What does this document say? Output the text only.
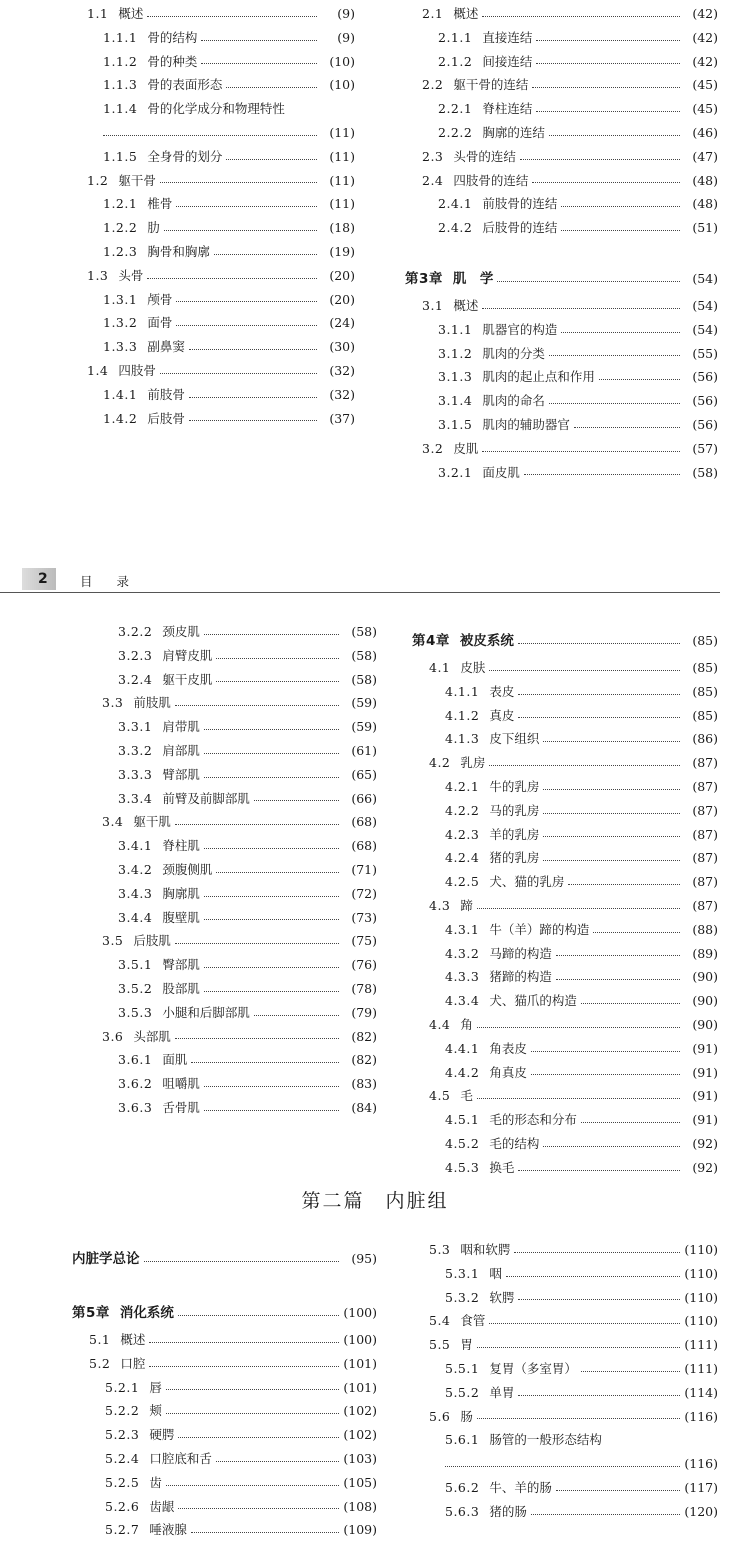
1.1 概述	(9)
1.1.1 骨的结构	(9)
1.1.2 骨的种类	(10)
1.1.3 骨的表面形态	(10)
1.1.4 骨的化学成分和物理特性
(11)
1.1.5 全身骨的划分	(11)
1.2 躯干骨	(11)
1.2.1 椎骨	(11)
1.2.2 肋	(18)
1.2.3 胸骨和胸廓	(19)
1.3 头骨	(20)
1.3.1 颅骨	(20)
1.3.2 面骨	(24)
1.3.3 副鼻窦	(30)
1.4 四肢骨	(32)
1.4.1 前肢骨	(32)
1.4.2 后肢骨	(37)
2.1 概述	(42)
2.1.1 直接连结	(42)
2.1.2 间接连结	(42)
2.2 躯干骨的连结	(45)
2.2.1 脊柱连结	(45)
2.2.2 胸廓的连结	(46)
2.3 头骨的连结	(47)
2.4 四肢骨的连结	(48)
2.4.1 前肢骨的连结	(48)
2.4.2 后肢骨的连结	(51)
第3章 肌　学	(54)
3.1 概述	(54)
3.1.1 肌器官的构造	(54)
3.1.2 肌肉的分类	(55)
3.1.3 肌肉的起止点和作用	(56)
3.1.4 肌肉的命名	(56)
3.1.5 肌肉的辅助器官	(56)
3.2 皮肌	(57)
3.2.1 面皮肌	(58)
2	目 录
3.2.2 颈皮肌	(58)
3.2.3 肩臂皮肌	(58)
3.2.4 躯干皮肌	(58)
3.3 前肢肌	(59)
3.3.1 肩带肌	(59)
3.3.2 肩部肌	(61)
3.3.3 臂部肌	(65)
3.3.4 前臂及前脚部肌	(66)
3.4 躯干肌	(68)
3.4.1 脊柱肌	(68)
3.4.2 颈腹侧肌	(71)
3.4.3 胸廓肌	(72)
3.4.4 腹壁肌	(73)
3.5 后肢肌	(75)
3.5.1 臀部肌	(76)
3.5.2 股部肌	(78)
3.5.3 小腿和后脚部肌	(79)
3.6 头部肌	(82)
3.6.1 面肌	(82)
3.6.2 咀嚼肌	(83)
3.6.3 舌骨肌	(84)
第4章 被皮系统	(85)
4.1 皮肤	(85)
4.1.1 表皮	(85)
4.1.2 真皮	(85)
4.1.3 皮下组织	(86)
4.2 乳房	(87)
4.2.1 牛的乳房	(87)
4.2.2 马的乳房	(87)
4.2.3 羊的乳房	(87)
4.2.4 猪的乳房	(87)
4.2.5 犬、猫的乳房	(87)
4.3 蹄	(87)
4.3.1 牛（羊）蹄的构造	(88)
4.3.2 马蹄的构造	(89)
4.3.3 猪蹄的构造	(90)
4.3.4 犬、猫爪的构造	(90)
4.4 角	(90)
4.4.1 角表皮	(91)
4.4.2 角真皮	(91)
4.5 毛	(91)
4.5.1 毛的形态和分布	(91)
4.5.2 毛的结构	(92)
4.5.3 换毛	(92)
第二篇　内脏组
内脏学总论	(95)
第5章 消化系统	(100)
5.1 概述	(100)
5.2 口腔	(101)
5.2.1 唇	(101)
5.2.2 颊	(102)
5.2.3 硬腭	(102)
5.2.4 口腔底和舌	(103)
5.2.5 齿	(105)
5.2.6 齿龈	(108)
5.2.7 唾液腺	(109)
5.3 咽和软腭	(110)
5.3.1 咽	(110)
5.3.2 软腭	(110)
5.4 食管	(110)
5.5 胃	(111)
5.5.1 复胃（多室胃）	(111)
5.5.2 单胃	(114)
5.6 肠	(116)
5.6.1 肠管的一般形态结构
(116)
5.6.2 牛、羊的肠	(117)
5.6.3 猪的肠	(120)
